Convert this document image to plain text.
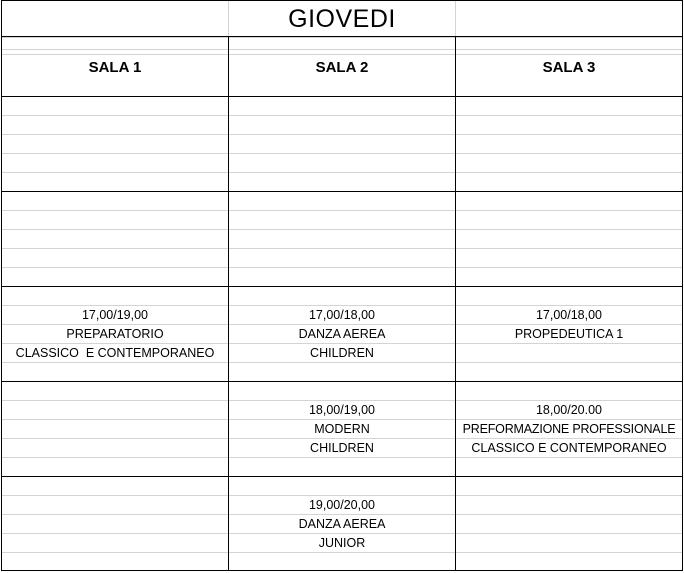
GIOVEDI
SALA 1	SALA 2	SALA 3
17,00/19,00
PREPARATORIO
CLASSICO  E CONTEMPORANEO
17,00/18,00
DANZA AEREA
CHILDREN
17,00/18,00
PROPEDEUTICA 1
18,00/19,00
MODERN
CHILDREN
18,00/20.00
PREFORMAZIONE PROFESSIONALE
CLASSICO E CONTEMPORANEO
19,00/20,00
DANZA AEREA
JUNIOR
